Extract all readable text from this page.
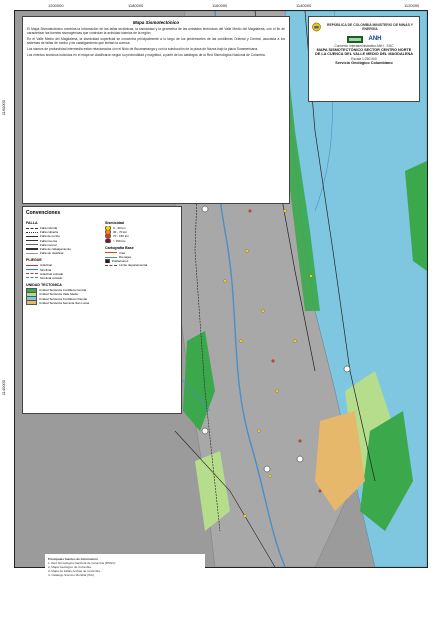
1200000	1180000	1160000	1140000	1120000
1160000
1140000
Mapa Sismotectónico

El Mapa Sismotectónico combina la información de las fallas tectónicas, la sismicidad y la geometría de las unidades tectónicas del Valle Medio del Magdalena, con el fin de caracterizar las fuentes sismogénicas que controlan la actividad sísmica de la región.

En el Valle Medio del Magdalena, la sismicidad superficial se concentra principalmente a lo largo de los piedemontes de las cordilleras Oriental y Central, asociada a los sistemas de fallas de rumbo y de cabalgamiento que limitan la cuenca.

Los sismos de profundidad intermedia están relacionados con el Nido de Bucaramanga y con la subducción de la placa de Nazca bajo la placa Suramericana.

Los eventos sísmicos incluidos en el mapa se clasificaron según su profundidad y magnitud, a partir de los catálogos de la Red Sismológica Nacional de Colombia.

Convenciones
FALLA
Falla inferida
Falla cubierta
Falla de rumbo
Falla inversa
Falla normal
Falla de cabalgamiento
Falla sin clasificar
PLIEGUE
Anticlinal
Sinclinal
Anticlinal volcado
Sinclinal volcado
UNIDAD TECTONICA
Unidad Tectónica Cordillera Central
Unidad Tectónica Valle Medio
Unidad Tectónica Cordillera Oriental
Unidad Tectónica Serranía San Lucas
Sismicidad
0 - 30 km
30 - 70 km
70 - 150 km
> 150 km
Cartografía Base
Vías
Drenajes
Poblaciones
Límite departamental
Principales fuentes de información
1. Red Sismológica Nacional de Colombia (RSNC).
2. Mapa Geológico de Colombia.
3. Mapa de Fallas Activas de Colombia.
4. Catálogo Sísmico Mundial (ISC).
REPÚBLICA DE COLOMBIA MINISTERIO DE MINAS Y ENERGÍA
ANH
Convenio interadministrativo ANH - SGC
MAPA SISMOTECTÓNICO SECTOR CENTRO NORTE
DE LA CUENCA DEL VALLE MEDIO DEL MAGDALENA
Escala 1:250.000
Servicio Geológico Colombiano
